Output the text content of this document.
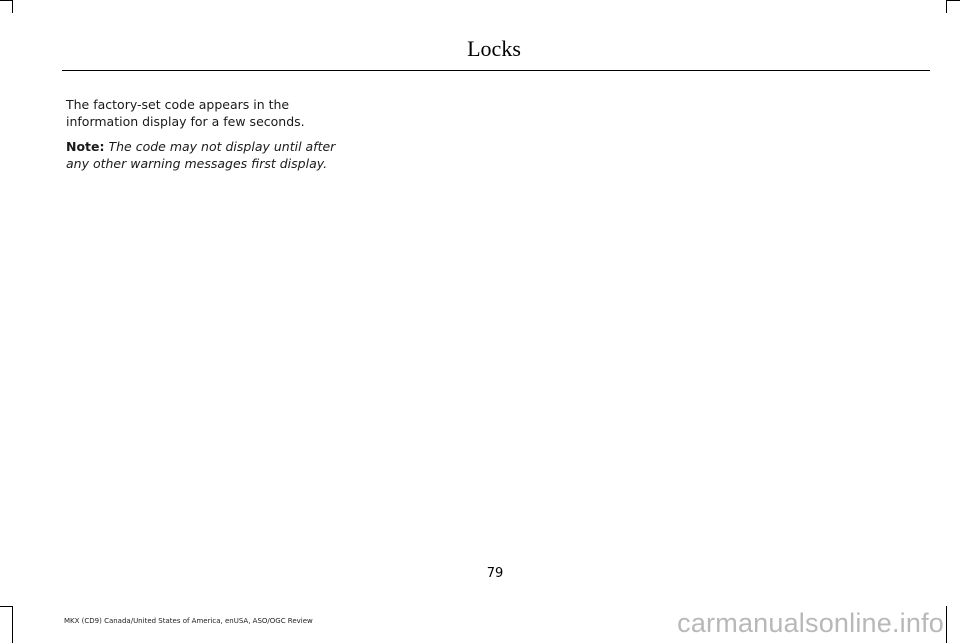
Locks

The factory-set code appears in the information display for a few seconds.

Note: The code may not display until after any other warning messages first display.

79
MKX (CD9) Canada/United States of America, enUSA, ASO/OGC Review	carmanualsonline.info
